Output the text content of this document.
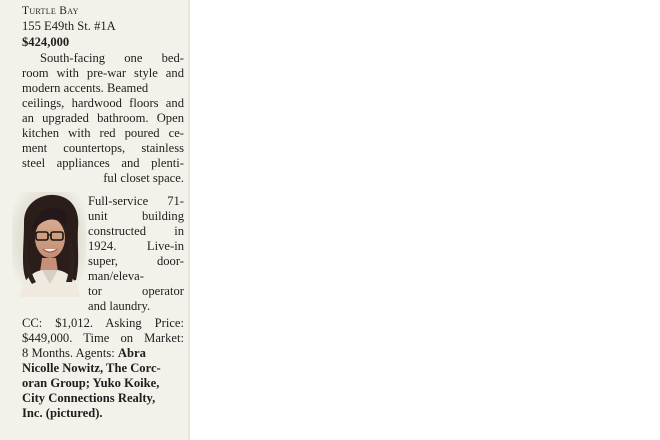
Turtle Bay
155 E49th St. #1A
$424,000
South-facing one bed-
room with pre-war style and
modern accents. Beamed
ceilings, hardwood floors and
an upgraded bathroom. Open
kitchen with red poured ce-
ment countertops, stainless
steel appliances and plenti-
ful closet space.
Full-service 71-
unit building
constructed in
1924. Live-in
super, door-
man/eleva-
tor operator
and laundry.
CC: $1,012. Asking Price:
$449,000. Time on Market:
8 Months. Agents: Abra
Nicolle Nowitz, The Corc-
oran Group; Yuko Koike,
City Connections Realty,
Inc. (pictured).
